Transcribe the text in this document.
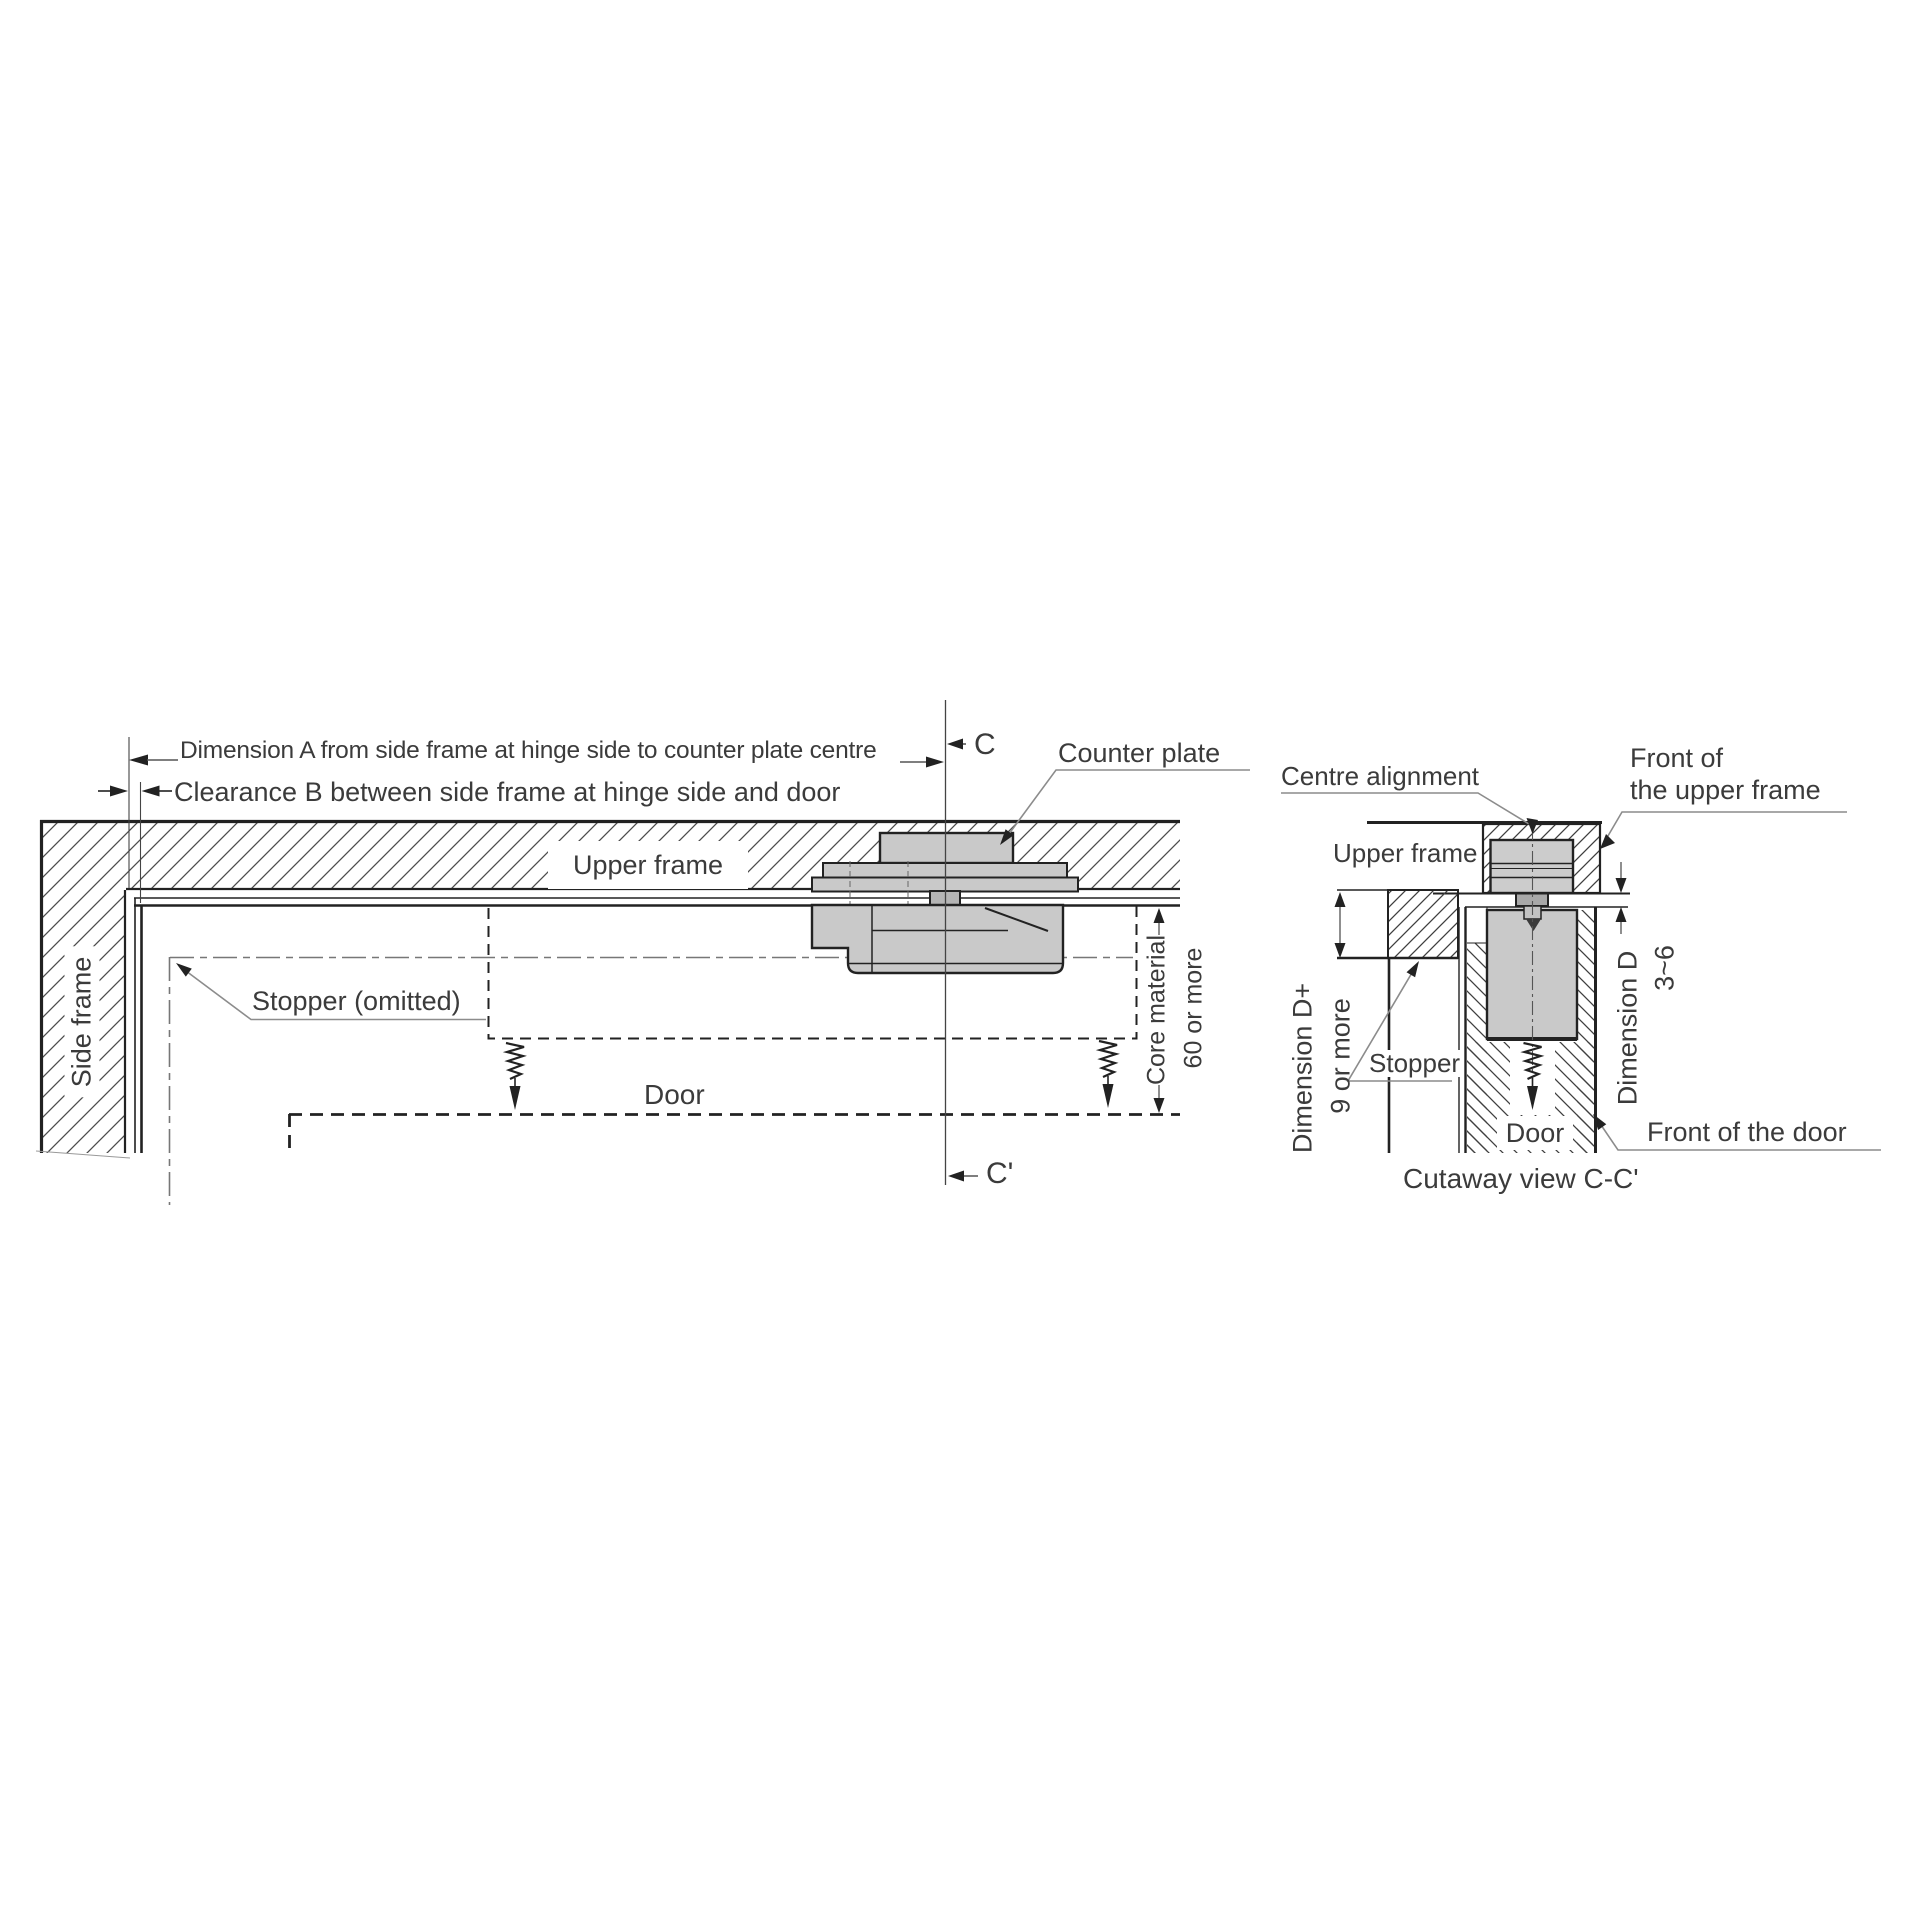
Dimension A from side frame at hinge side to counter plate centre
Clearance B between side frame at hinge side and door
Upper frame
Side frame	Stopper (omitted)
Door
Counter plate
C
C'
Core material 60 or more
Centre alignment
Front of
the upper frame
Upper frame
Dimension D+ 9 or more Stopper
Door
Dimension D 3~6
Front of the door
Cutaway view C-C'
